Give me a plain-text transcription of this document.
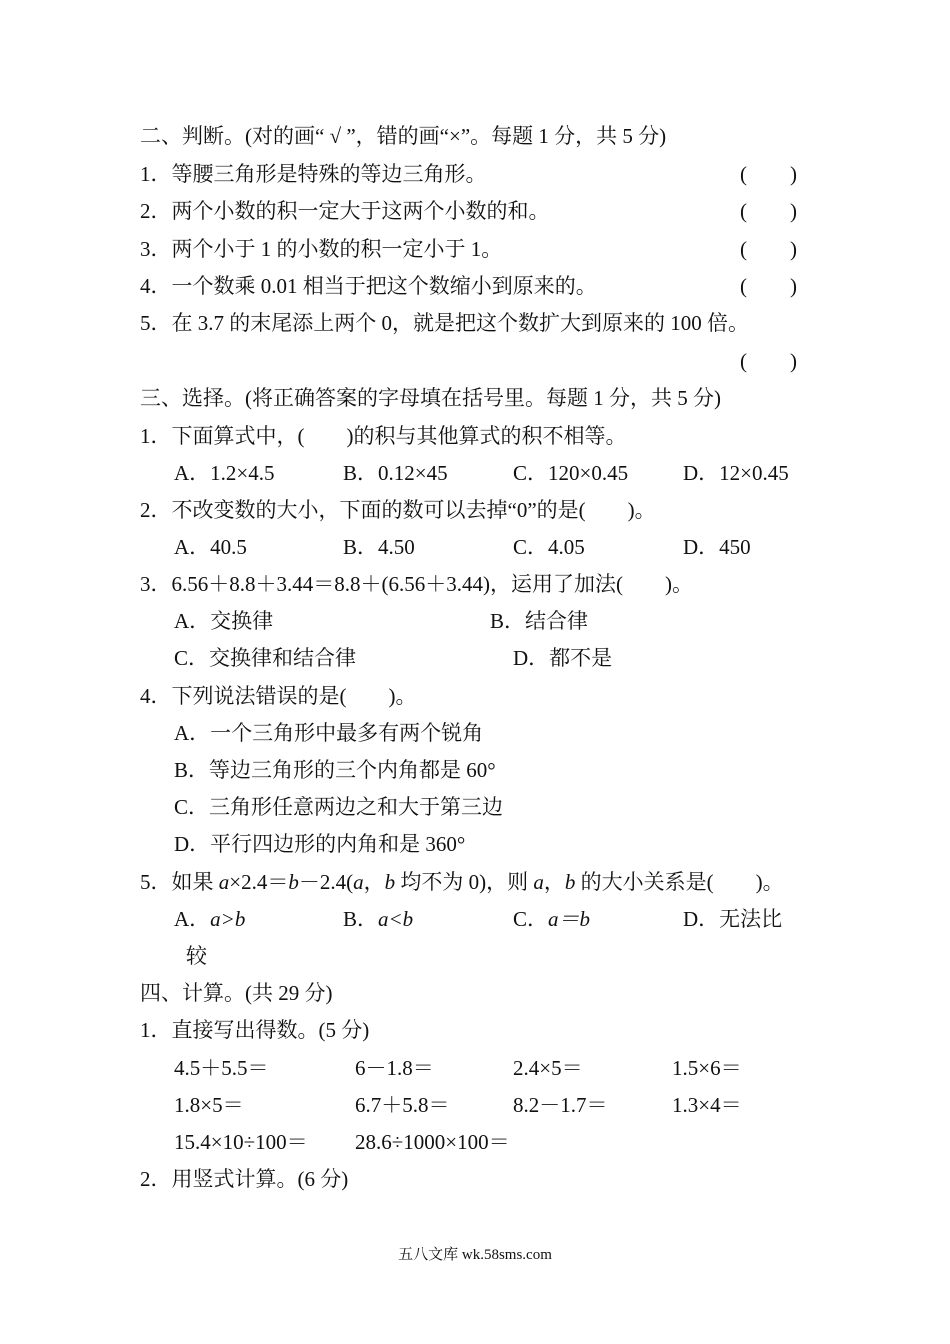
二、判断。(对的画“ √ ”，错的画“×”。每题 1 分，共 5 分)
1．等腰三角形是特殊的等边三角形。	( )
2．两个小数的积一定大于这两个小数的和。	( )
3．两个小于 1 的小数的积一定小于 1。	( )
4．一个数乘 0.01 相当于把这个数缩小到原来的。	( )
5．在 3.7 的末尾添上两个 0，就是把这个数扩大到原来的 100 倍。
( )
三、选择。(将正确答案的字母填在括号里。每题 1 分，共 5 分)
1．下面算式中，(　　)的积与其他算式的积不相等。
A．1.2×4.5	B．0.12×45	C．120×0.45	D．12×0.45
2．不改变数的大小，下面的数可以去掉“0”的是(　　)。
A．40.5	B．4.50	C．4.05	D．450
3．6.56＋8.8＋3.44＝8.8＋(6.56＋3.44)，运用了加法(　　)。
A．交换律	B．结合律
C．交换律和结合律	D．都不是
4．下列说法错误的是(　　)。
A．一个三角形中最多有两个锐角
B．等边三角形的三个内角都是 60°
C．三角形任意两边之和大于第三边
D．平行四边形的内角和是 360°
5．如果 a×2.4＝b－2.4(a，b 均不为 0)，则 a，b 的大小关系是(　　)。
A．a>b	B．a<b	C．a＝b	D．无法比
较
四、计算。(共 29 分)
1．直接写出得数。(5 分)
4.5＋5.5＝	6－1.8＝	2.4×5＝	1.5×6＝
1.8×5＝	6.7＋5.8＝	8.2－1.7＝	1.3×4＝
15.4×10÷100＝ 28.6÷1000×100＝
2．用竖式计算。(6 分)
五八文库 wk.58sms.com
